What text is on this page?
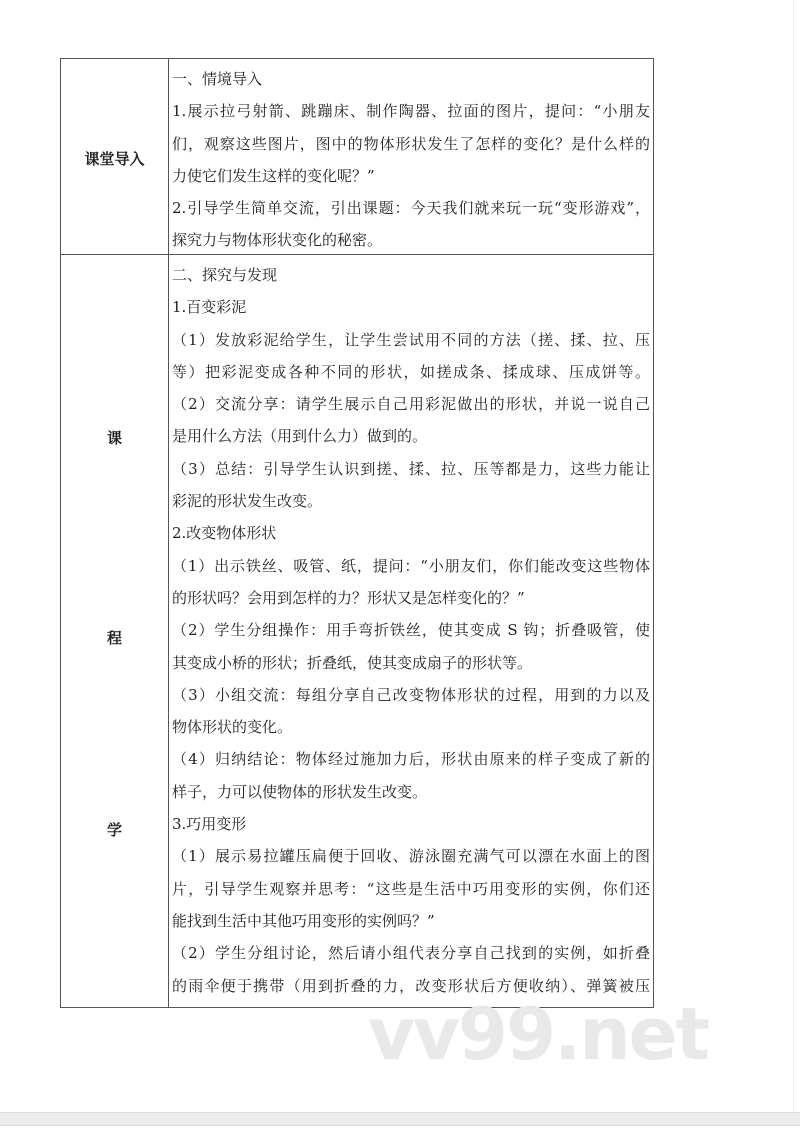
课堂导入
一、情境导入
1.展示拉弓射箭、跳蹦床、制作陶器、拉面的图片，提问：“小朋友
们，观察这些图片，图中的物体形状发生了怎样的变化？是什么样的
力使它们发生这样的变化呢？”
2.引导学生简单交流，引出课题：今天我们就来玩一玩“变形游戏”，
探究力与物体形状变化的秘密。
课
程
学
二、探究与发现
1.百变彩泥
（1）发放彩泥给学生，让学生尝试用不同的方法（搓、揉、拉、压
等）把彩泥变成各种不同的形状，如搓成条、揉成球、压成饼等。
（2）交流分享：请学生展示自己用彩泥做出的形状，并说一说自己
是用什么方法（用到什么力）做到的。
（3）总结：引导学生认识到搓、揉、拉、压等都是力，这些力能让
彩泥的形状发生改变。
2.改变物体形状
（1）出示铁丝、吸管、纸，提问：“小朋友们，你们能改变这些物体
的形状吗？会用到怎样的力？形状又是怎样变化的？”
（2）学生分组操作：用手弯折铁丝，使其变成 S 钩；折叠吸管，使
其变成小桥的形状；折叠纸，使其变成扇子的形状等。
（3）小组交流：每组分享自己改变物体形状的过程，用到的力以及
物体形状的变化。
（4）归纳结论：物体经过施加力后，形状由原来的样子变成了新的
样子，力可以使物体的形状发生改变。
3.巧用变形
（1）展示易拉罐压扁便于回收、游泳圈充满气可以漂在水面上的图
片，引导学生观察并思考：“这些是生活中巧用变形的实例，你们还
能找到生活中其他巧用变形的实例吗？”
（2）学生分组讨论，然后请小组代表分享自己找到的实例，如折叠
的雨伞便于携带（用到折叠的力，改变形状后方便收纳）、弹簧被压
vv99.net
